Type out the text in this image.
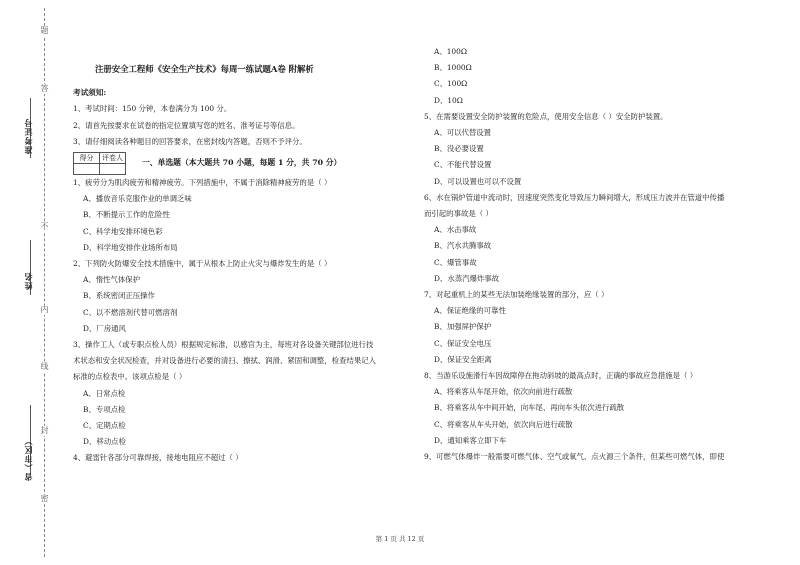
题
答
不
内
线
封
密
准考证号
姓名
省（市区）

注册安全工程师《安全生产技术》每周一练试题A卷 附解析

考试须知:

1、考试时间：150 分钟，本卷满分为 100 分。

2、请首先按要求在试卷的指定位置填写您的姓名、准考证号等信息。

3、请仔细阅读各种题目的回答要求，在密封线内答题，否则不予评分。

得分	评卷人

一、单选题（本大题共 70 小题，每题 1 分，共 70 分）

1、疲劳分为肌肉疲劳和精神疲劳。下列措施中，不属于消除精神疲劳的是（ ）

A、播放音乐克服作业的单调乏味

B、不断提示工作的危险性

C、科学地安排环境色彩

D、科学地安排作业场所布局

2、下列防火防爆安全技术措施中，属于从根本上防止火灾与爆炸发生的是（ ）

A、惰性气体保护

B、系统密闭正压操作

C、以不燃溶剂代替可燃溶剂

D、厂房通风

3、操作工人（或专职点检人员）根据规定标准，以感官为主，每班对各设备关键部位进行技

术状态和安全状况检查，并对设备进行必要的清扫、擦拭、润滑、紧固和调整，检查结果记入

标准的点检表中。该项点检是（ ）

A、日常点检

B、专项点检

C、定期点检

D、移动点检

4、避雷针各部分可靠焊接，接地电阻应不超过（ ）

A、100Ω

B、1000Ω

C、100Ω

D、10Ω

5、在需要设置安全防护装置的危险点，使用安全信息（ ）安全防护装置。

A、可以代替设置

B、没必要设置

C、不能代替设置

D、可以设置也可以不设置

6、水在锅炉管道中流动时，因速度突然变化导致压力瞬间增大，形成压力波并在管道中传播

而引起的事故是（ ）

A、水击事故

B、汽水共腾事故

C、爆管事故

D、水蒸汽爆炸事故

7、对起重机上的某些无法加装绝缘装置的部分，应（ ）

A、保证绝缘的可靠性

B、加强屏护保护

C、保证安全电压

D、保证安全距离

8、当游乐设施滑行车因故障停在拖动斜坡的最高点时，正确的事故应急措施是（ ）

A、将乘客从车尾开始，依次向前进行疏散

B、将乘客从车中间开始，向车尾、再向车头依次进行疏散

C、将乘客从车头开始，依次向后进行疏散

D、通知乘客立即下车

9、可燃气体爆炸一般需要可燃气体、空气或氧气、点火源三个条件，但某些可燃气体，即使

第 1 页 共 12 页
